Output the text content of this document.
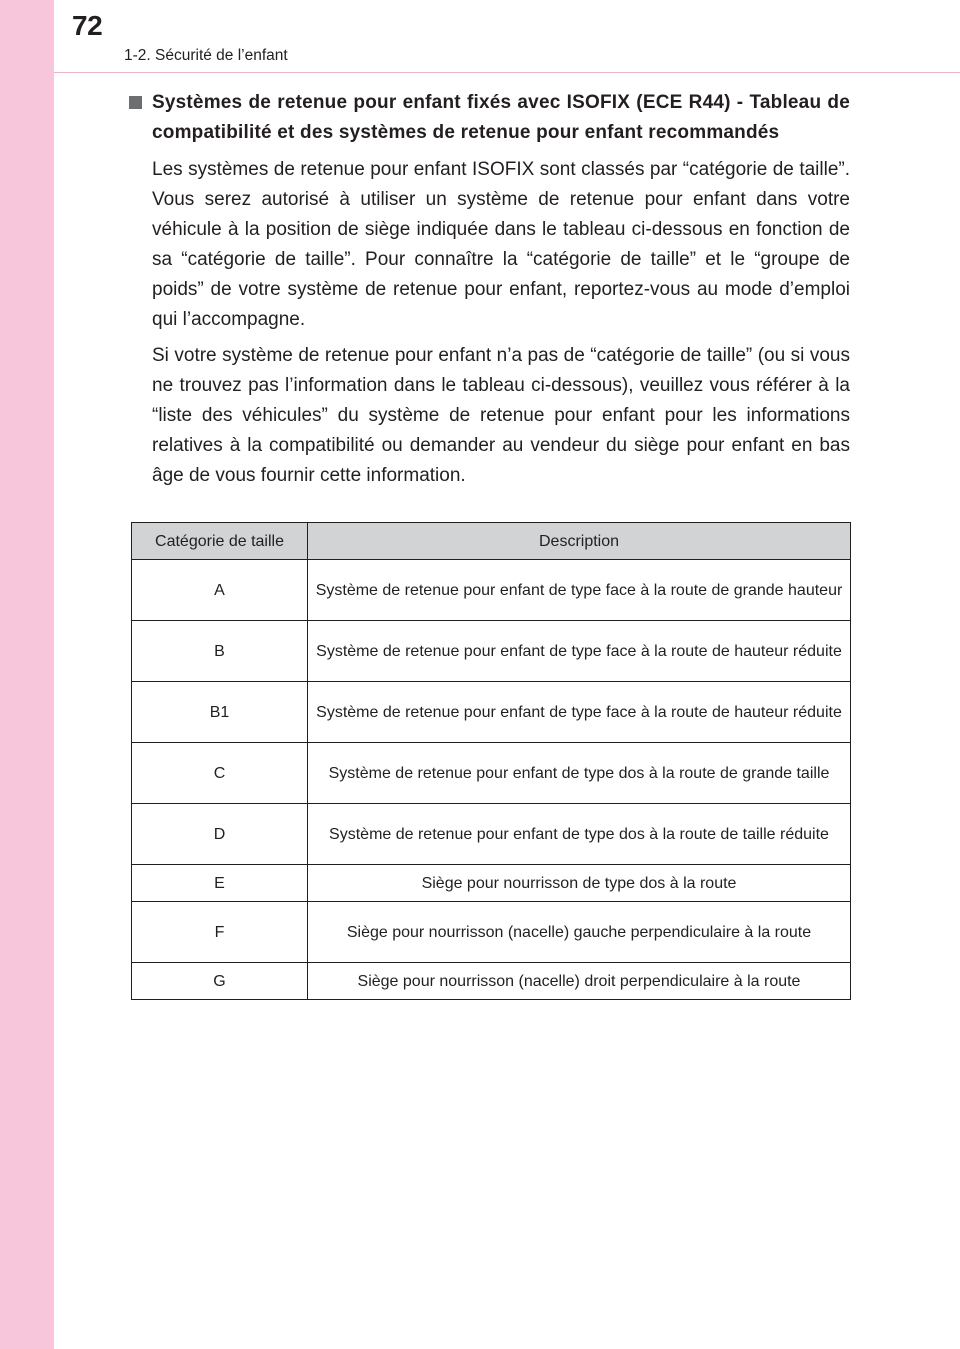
72
1-2. Sécurité de l’enfant
Systèmes de retenue pour enfant fixés avec ISOFIX (ECE R44) - Tableau de compatibilité et des systèmes de retenue pour enfant recommandés
Les systèmes de retenue pour enfant ISOFIX sont classés par “catégorie de taille”. Vous serez autorisé à utiliser un système de retenue pour enfant dans votre véhicule à la position de siège indiquée dans le tableau ci-dessous en fonction de sa “catégorie de taille”. Pour connaître la “catégorie de taille” et le “groupe de poids” de votre système de retenue pour enfant, reportez-vous au mode d’emploi qui l’accompagne.
Si votre système de retenue pour enfant n’a pas de “catégorie de taille” (ou si vous ne trouvez pas l’information dans le tableau ci-dessous), veuillez vous référer à la “liste des véhicules” du système de retenue pour enfant pour les informations relatives à la compatibilité ou demander au vendeur du siège pour enfant en bas âge de vous fournir cette information.
Catégorie de taille	Description
A	Système de retenue pour enfant de type face à la route de grande hauteur
B	Système de retenue pour enfant de type face à la route de hauteur réduite
B1	Système de retenue pour enfant de type face à la route de hauteur réduite
C	Système de retenue pour enfant de type dos à la route de grande taille
D	Système de retenue pour enfant de type dos à la route de taille réduite
E	Siège pour nourrisson de type dos à la route
F	Siège pour nourrisson (nacelle) gauche perpendiculaire à la route
G	Siège pour nourrisson (nacelle) droit perpendiculaire à la route
